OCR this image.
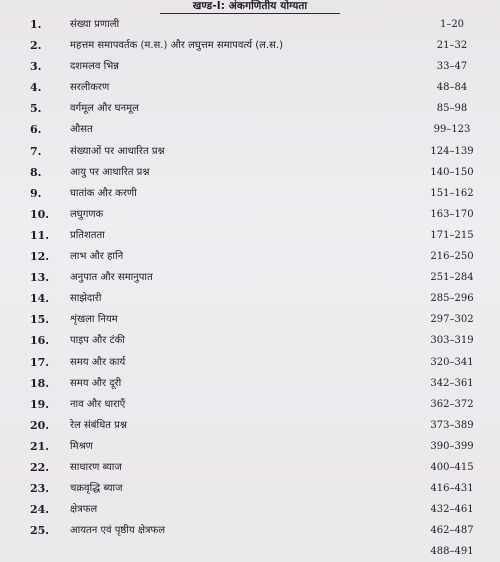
खण्ड-I: अंकगणितीय योग्यता
1.	संख्या प्रणाली	1–20
2.	महत्तम समापवर्तक (म.स.) और लघुत्तम समापवर्त्य (ल.स.)	21–32
3.	दशमलव भिन्न	33–47
4.	सरलीकरण	48–84
5.	वर्गमूल और घनमूल	85–98
6.	औसत	99–123
7.	संख्याओं पर आधारित प्रश्न	124–139
8.	आयु पर आधारित प्रश्न	140–150
9.	घातांक और करणी	151–162
10. लघुगणक	163–170
11. प्रतिशतता	171–215
12. लाभ और हानि	216–250
13. अनुपात और समानुपात	251–284
14. साझेदारी	285–296
15. शृंखला नियम	297–302
16. पाइप और टंकी	303–319
17. समय और कार्य	320–341
18. समय और दूरी	342–361
19. नाव और धाराएँ	362–372
20. रेल संबंधित प्रश्न	373–389
21. मिश्रण	390–399
22. साधारण ब्याज	400–415
23. चक्रवृद्धि ब्याज	416–431
24. क्षेत्रफल	432–461
25. आयतन एवं पृष्ठीय क्षेत्रफल	462–487
488–491
